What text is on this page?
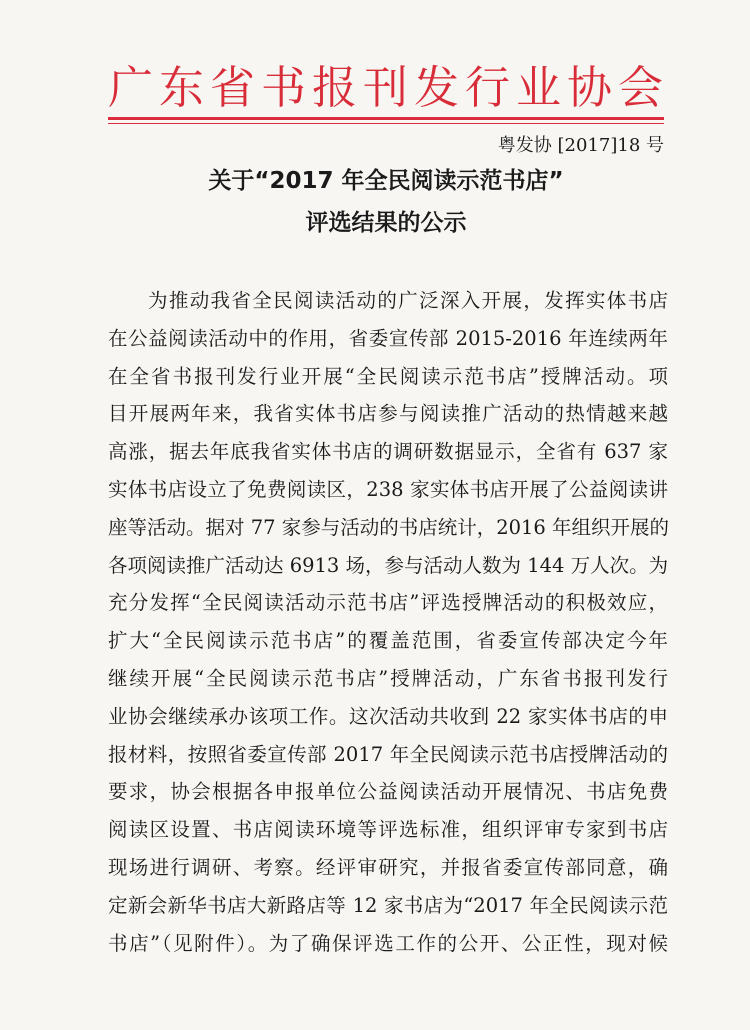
广东省书报刊发行业协会
粤发协 [2017]18 号
关于“2017 年全民阅读示范书店”
评选结果的公示
为推动我省全民阅读活动的广泛深入开展，发挥实体书店
在公益阅读活动中的作用，省委宣传部 2015-2016 年连续两年
在全省书报刊发行业开展“全民阅读示范书店”授牌活动。项
目开展两年来，我省实体书店参与阅读推广活动的热情越来越
高涨，据去年底我省实体书店的调研数据显示，全省有 637 家
实体书店设立了免费阅读区，238 家实体书店开展了公益阅读讲
座等活动。据对 77 家参与活动的书店统计，2016 年组织开展的
各项阅读推广活动达 6913 场，参与活动人数为 144 万人次。为
充分发挥“全民阅读活动示范书店”评选授牌活动的积极效应，
扩大“全民阅读示范书店”的覆盖范围，省委宣传部决定今年
继续开展“全民阅读示范书店”授牌活动，广东省书报刊发行
业协会继续承办该项工作。这次活动共收到 22 家实体书店的申
报材料，按照省委宣传部 2017 年全民阅读示范书店授牌活动的
要求，协会根据各申报单位公益阅读活动开展情况、书店免费
阅读区设置、书店阅读环境等评选标准，组织评审专家到书店
现场进行调研、考察。经评审研究，并报省委宣传部同意，确
定新会新华书店大新路店等 12 家书店为“2017 年全民阅读示范
书店”（见附件）。为了确保评选工作的公开、公正性，现对候
